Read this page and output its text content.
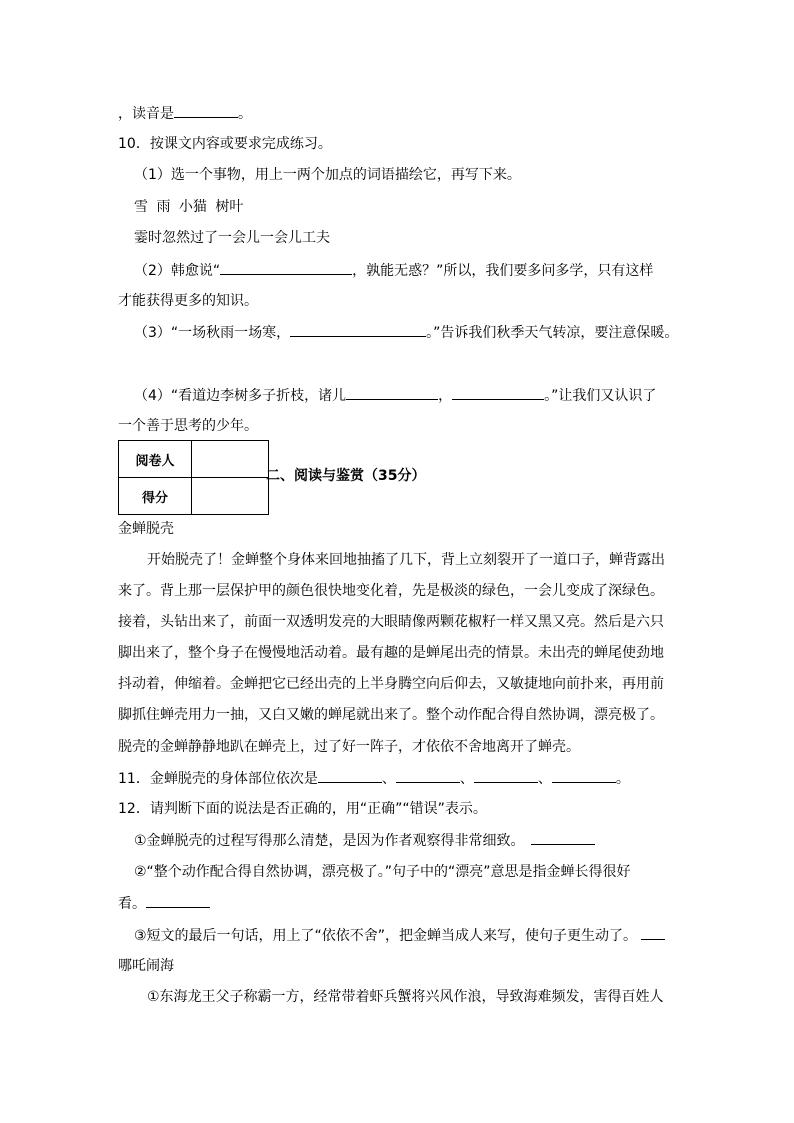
，读音是	。
10．按课文内容或要求完成练习。
（1）选一个事物，用上一两个加点的词语描绘它，再写下来。
雪 雨 小猫 树叶
霎时忽然过了一会儿一会儿工夫
（2）韩愈说“	，孰能无惑？”所以，我们要多问多学，只有这样
才能获得更多的知识。
（3）“一场秋雨一场寒，	。”告诉我们秋季天气转凉，要注意保暖。
（4）“看道边李树多子折枝，诸儿	，	。”让我们又认识了
一个善于思考的少年。
阅卷人	
得分	
二、阅读与鉴赏（35分）
金蝉脱壳
开始脱壳了！金蝉整个身体来回地抽搐了几下，背上立刻裂开了一道口子，蝉背露出
来了。背上那一层保护甲的颜色很快地变化着，先是极淡的绿色，一会儿变成了深绿色。
接着，头钻出来了，前面一双透明发亮的大眼睛像两颗花椒籽一样又黑又亮。然后是六只
脚出来了，整个身子在慢慢地活动着。最有趣的是蝉尾出壳的情景。未出壳的蝉尾使劲地
抖动着，伸缩着。金蝉把它已经出壳的上半身腾空向后仰去，又敏捷地向前扑来，再用前
脚抓住蝉壳用力一抽，又白又嫩的蝉尾就出来了。整个动作配合得自然协调，漂亮极了。
脱壳的金蝉静静地趴在蝉壳上，过了好一阵子，才依依不舍地离开了蝉壳。
11．金蝉脱壳的身体部位依次是	、	、	、	。
12．请判断下面的说法是否正确的，用“正确”“错误”表示。
①金蝉脱壳的过程写得那么清楚，是因为作者观察得非常细致。
②“整个动作配合得自然协调，漂亮极了。”句子中的“漂亮”意思是指金蝉长得很好
看。
③短文的最后一句话，用上了“依依不舍”，把金蝉当成人来写，使句子更生动了。
哪吒闹海
①东海龙王父子称霸一方，经常带着虾兵蟹将兴风作浪，导致海难频发，害得百姓人
